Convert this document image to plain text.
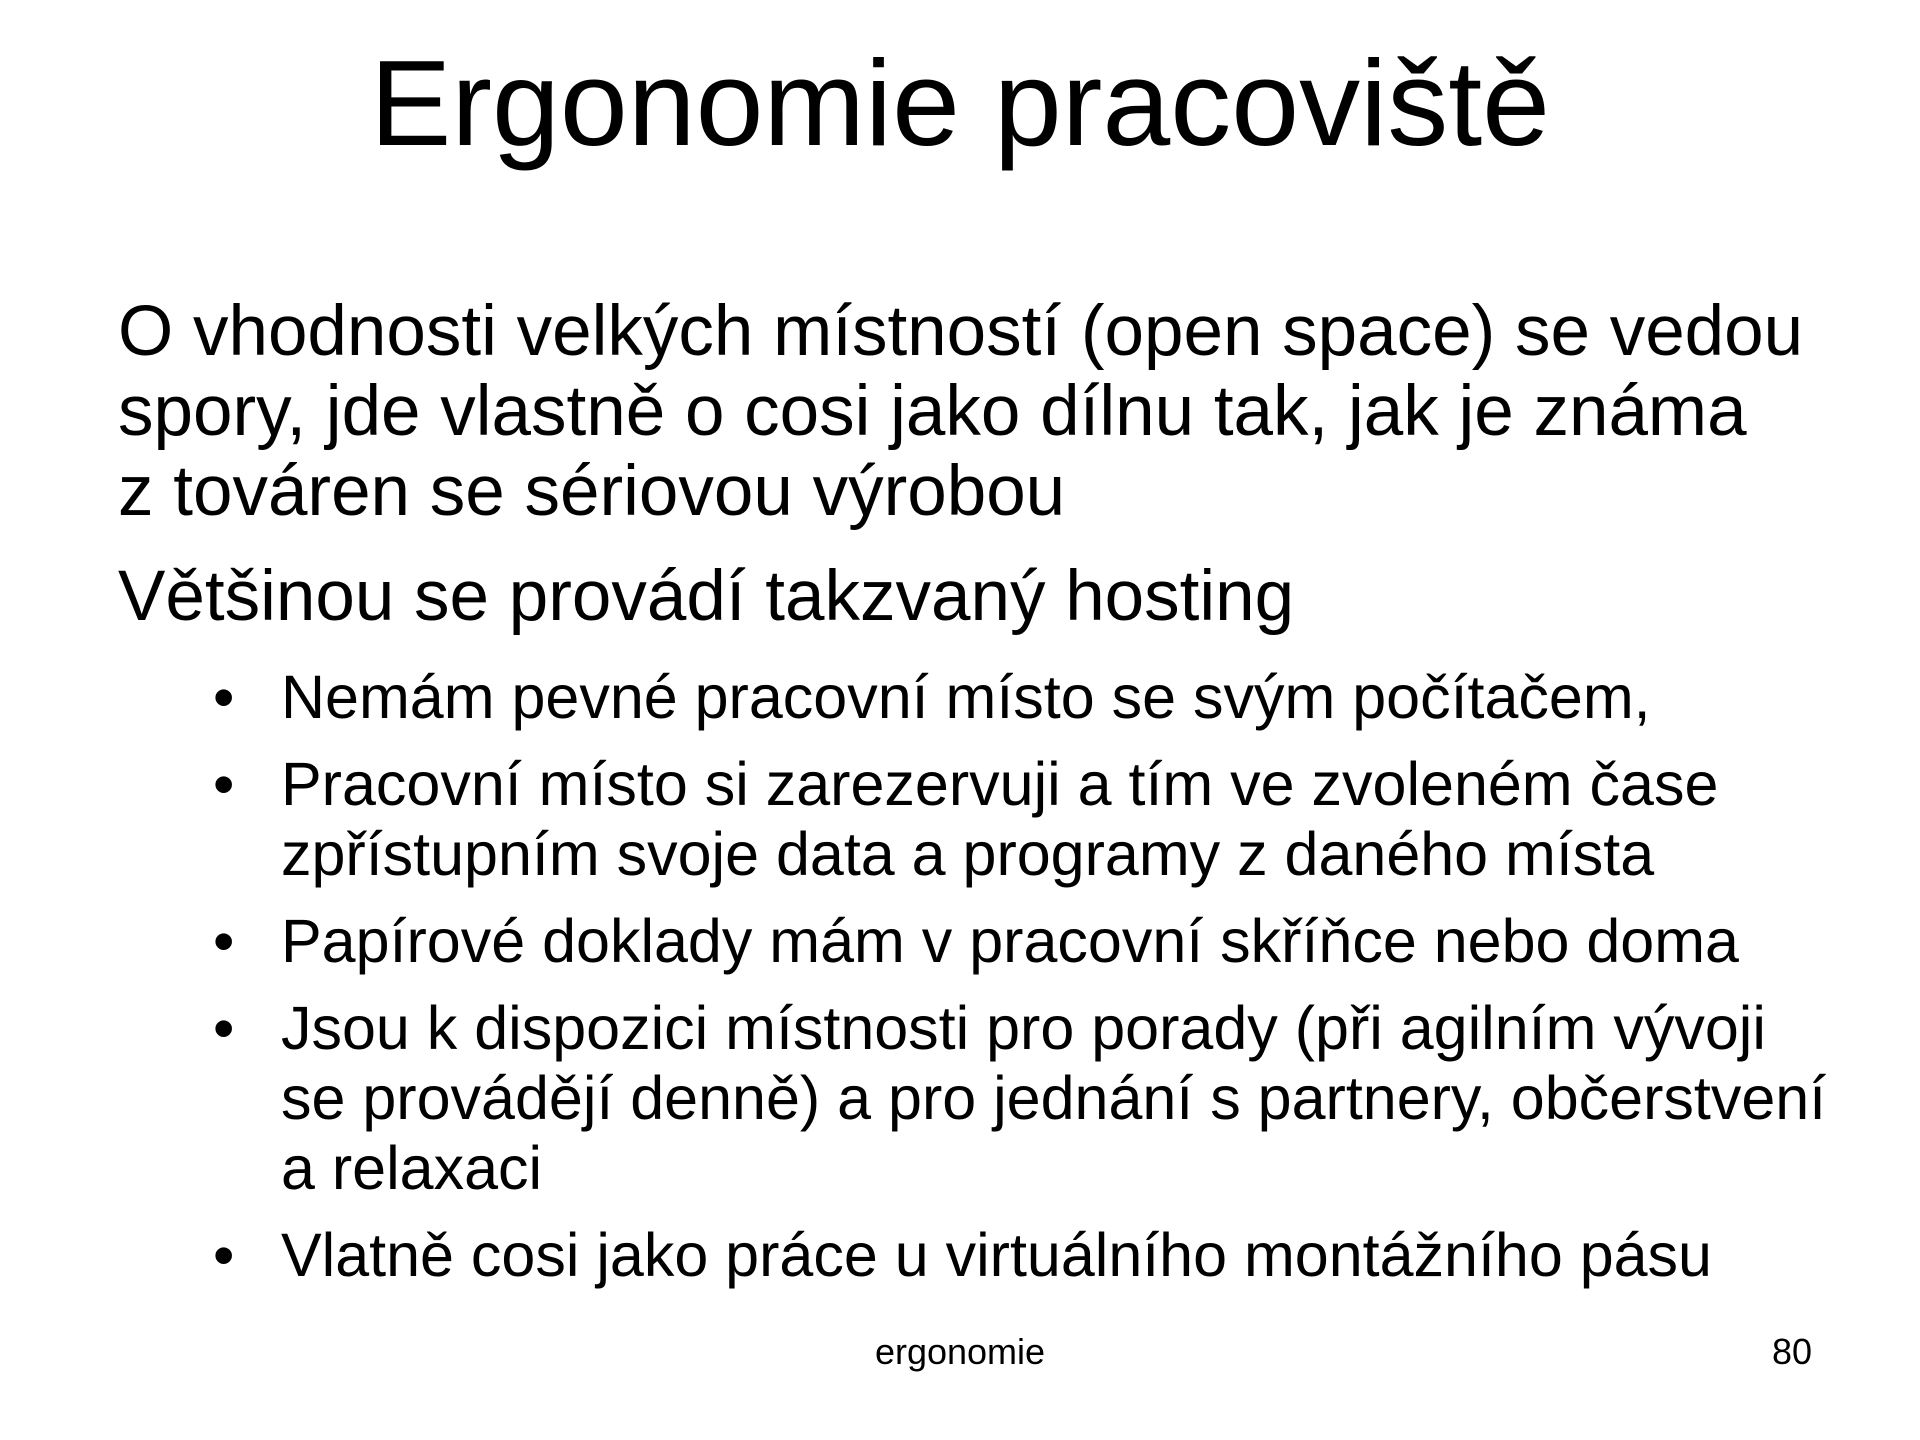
Ergonomie pracoviště

O vhodnosti velkých místností (open space) se vedou
spory, jde vlastně o cosi jako dílnu tak, jak je známa
z továren se sériovou výrobou

Většinou se provádí takzvaný hosting

• Nemám pevné pracovní místo se svým počítačem,
• Pracovní místo si zarezervuji a tím ve zvoleném čase
zpřístupním svoje data a programy z daného místa
• Papírové doklady mám v pracovní skříňce nebo doma
• Jsou k dispozici místnosti pro porady (při agilním vývoji
se provádějí denně) a pro jednání s partnery, občerstvení
a relaxaci
• Vlatně cosi jako práce u virtuálního montážního pásu
ergonomie	80
